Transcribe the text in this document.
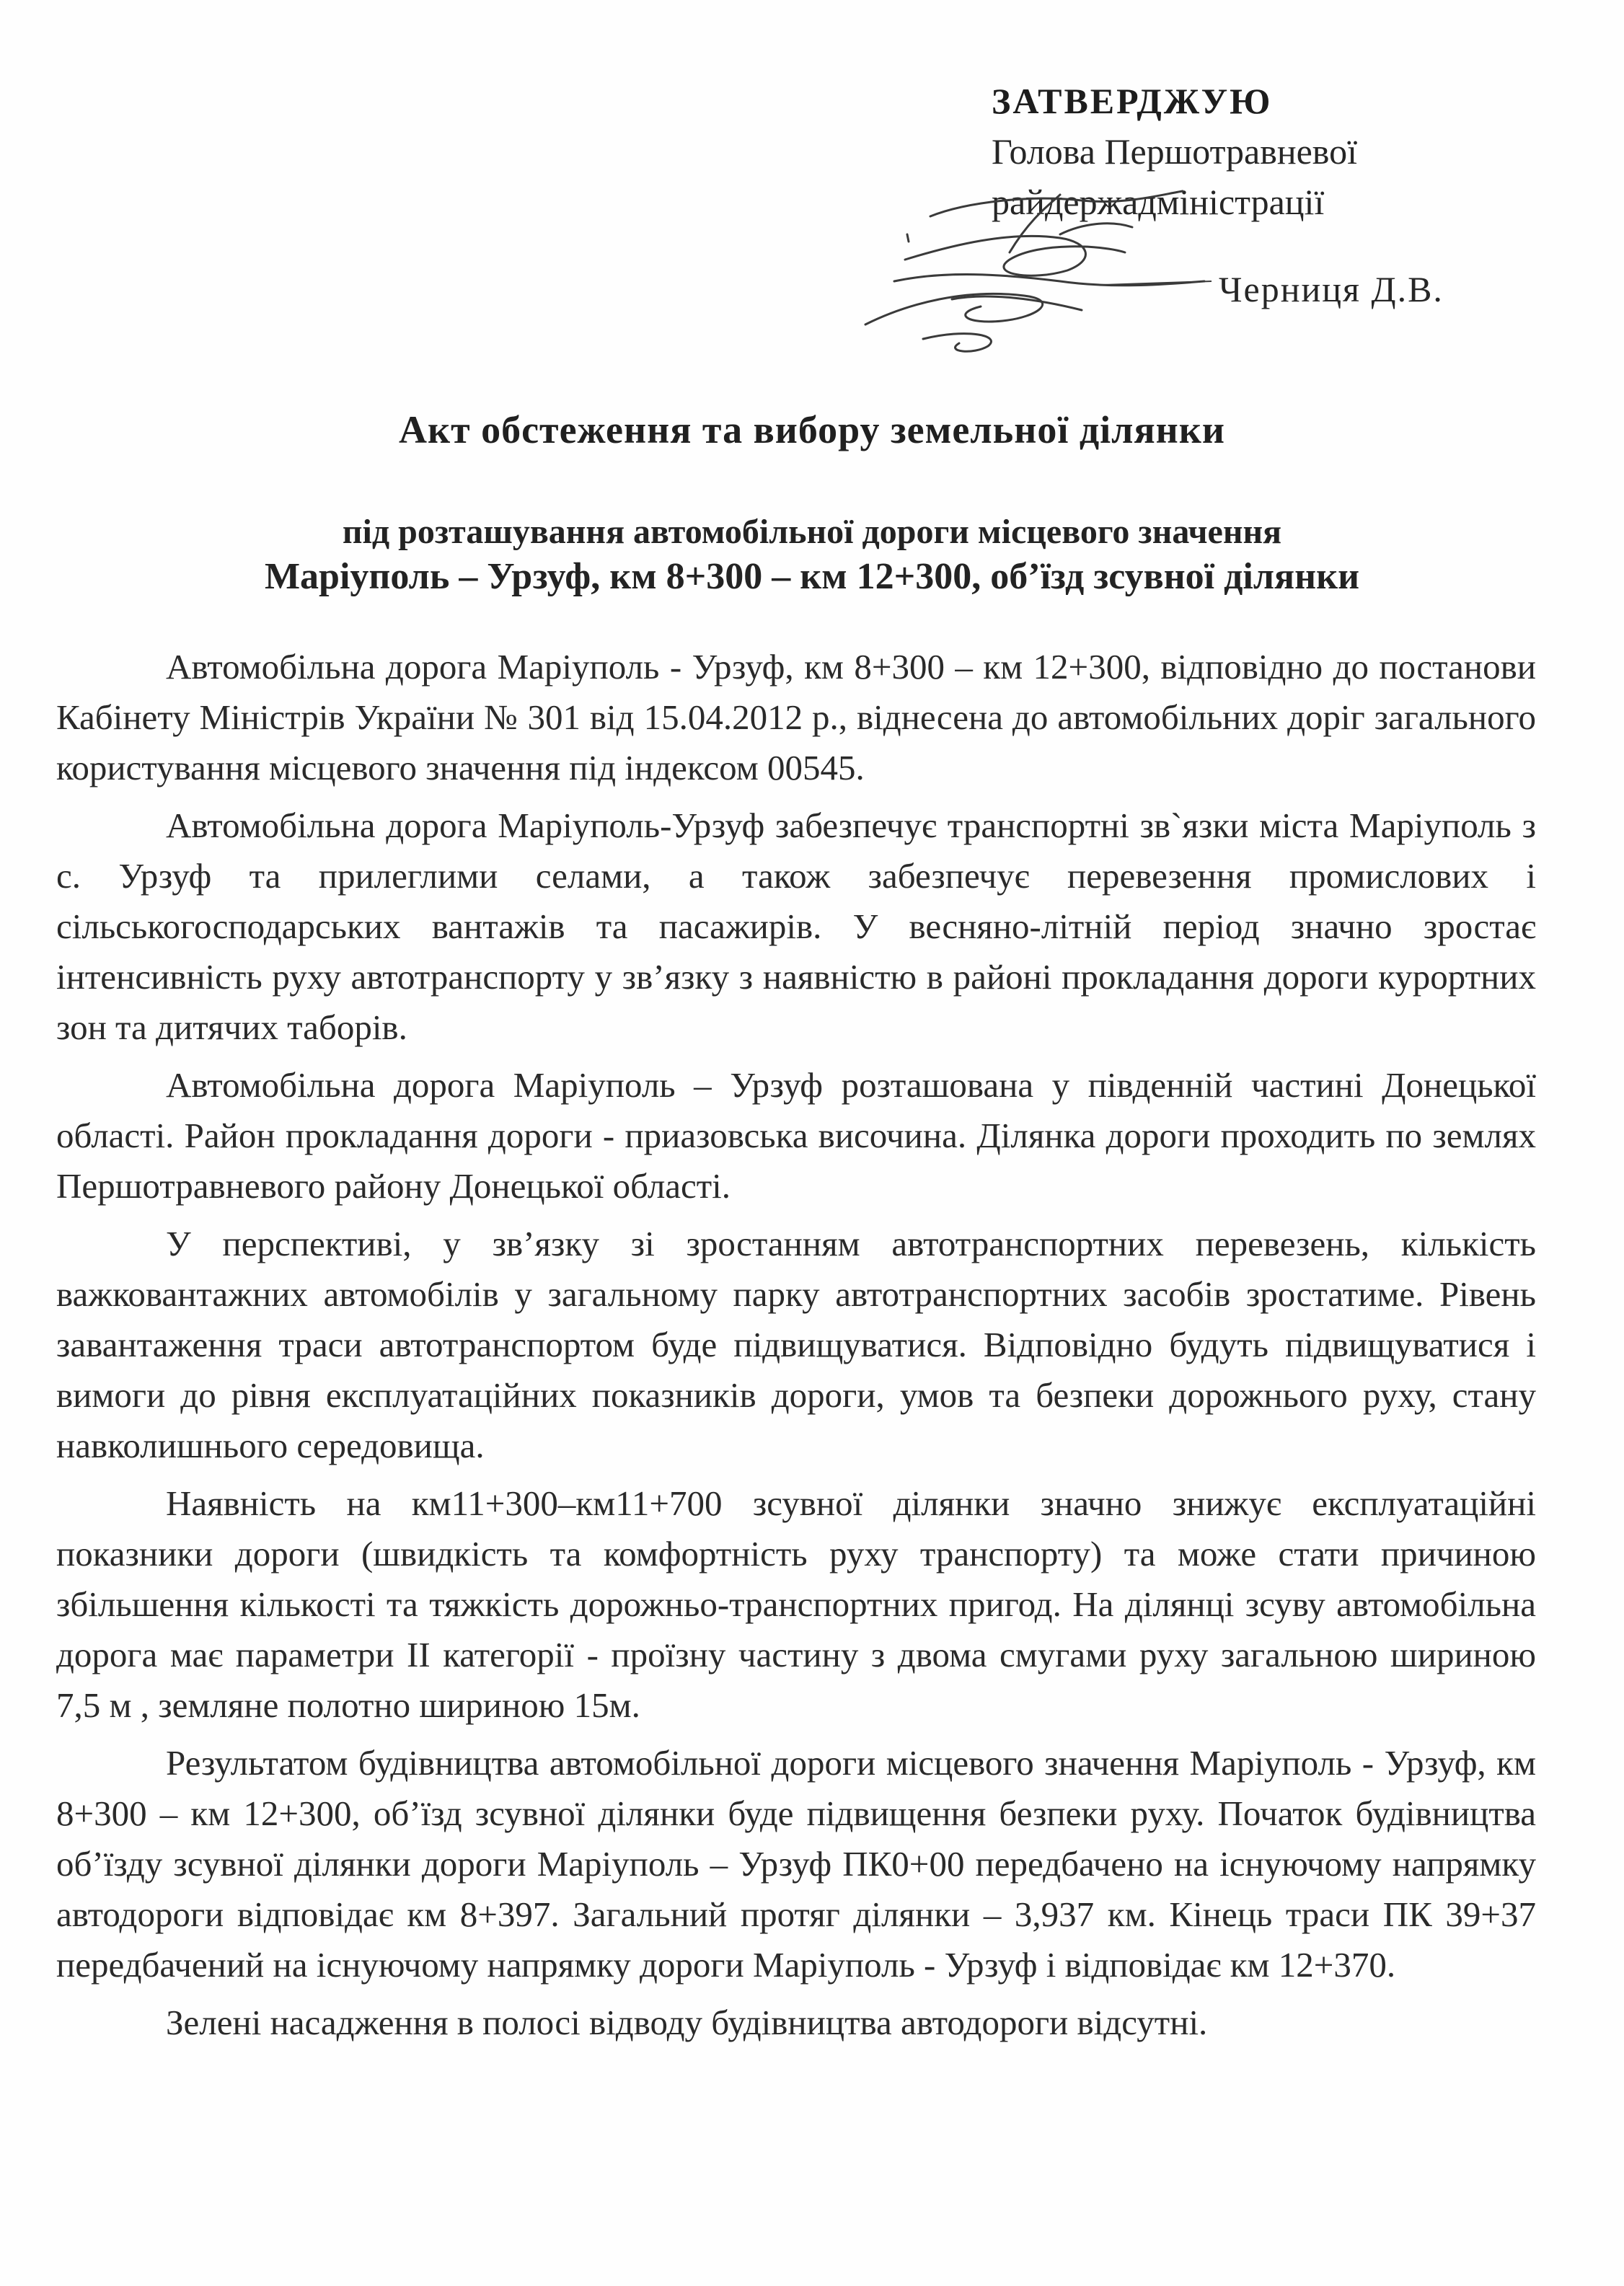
ЗАТВЕРДЖУЮ
Голова Першотравневої
райдержадміністрації
Черниця Д.В.
Акт обстеження та вибору земельної ділянки
під розташування автомобільної дороги місцевого значення
Маріуполь – Урзуф, км 8+300 – км 12+300, об’їзд зсувної ділянки

Автомобільна дорога Маріуполь - Урзуф, км 8+300 – км 12+300, відповідно до постанови Кабінету Міністрів України № 301 від 15.04.2012 р., віднесена до автомобільних доріг загального користування місцевого значення під індексом 00545.

Автомобільна дорога Маріуполь-Урзуф забезпечує транспортні зв`язки міста Маріуполь з с. Урзуф та прилеглими селами, а також забезпечує перевезення промислових і сільськогосподарських вантажів та пасажирів. У весняно-літній період значно зростає інтенсивність руху автотранспорту у зв’язку з наявністю в районі прокладання дороги курортних зон та дитячих таборів.

Автомобільна дорога Маріуполь – Урзуф розташована у південній частині Донецької області. Район прокладання дороги - приазовська височина. Ділянка дороги проходить по землях Першотравневого району Донецької області.

У перспективі, у зв’язку зі зростанням автотранспортних перевезень, кількість важковантажних автомобілів у загальному парку автотранспортних засобів зростатиме. Рівень завантаження траси автотранспортом буде підвищуватися. Відповідно будуть підвищуватися і вимоги до рівня експлуатаційних показників дороги, умов та безпеки дорожнього руху, стану навколишнього середовища.

Наявність на км11+300–км11+700 зсувної ділянки значно знижує експлуатаційні показники дороги (швидкість та комфортність руху транспорту) та може стати причиною збільшення кількості та тяжкість дорожньо-транспортних пригод. На ділянці зсуву автомобільна дорога має параметри II категорії - проїзну частину з двома смугами руху загальною шириною 7,5 м , земляне полотно шириною 15м.

Результатом будівництва автомобільної дороги місцевого значення Маріуполь - Урзуф, км 8+300 – км 12+300, об’їзд зсувної ділянки буде підвищення безпеки руху. Початок будівництва об’їзду зсувної ділянки дороги Маріуполь – Урзуф ПК0+00 передбачено на існуючому напрямку автодороги відповідає км 8+397. Загальний протяг ділянки – 3,937 км. Кінець траси ПК 39+37 передбачений на існуючому напрямку дороги Маріуполь - Урзуф і відповідає км 12+370.

Зелені насадження в полосі відводу будівництва автодороги відсутні.
